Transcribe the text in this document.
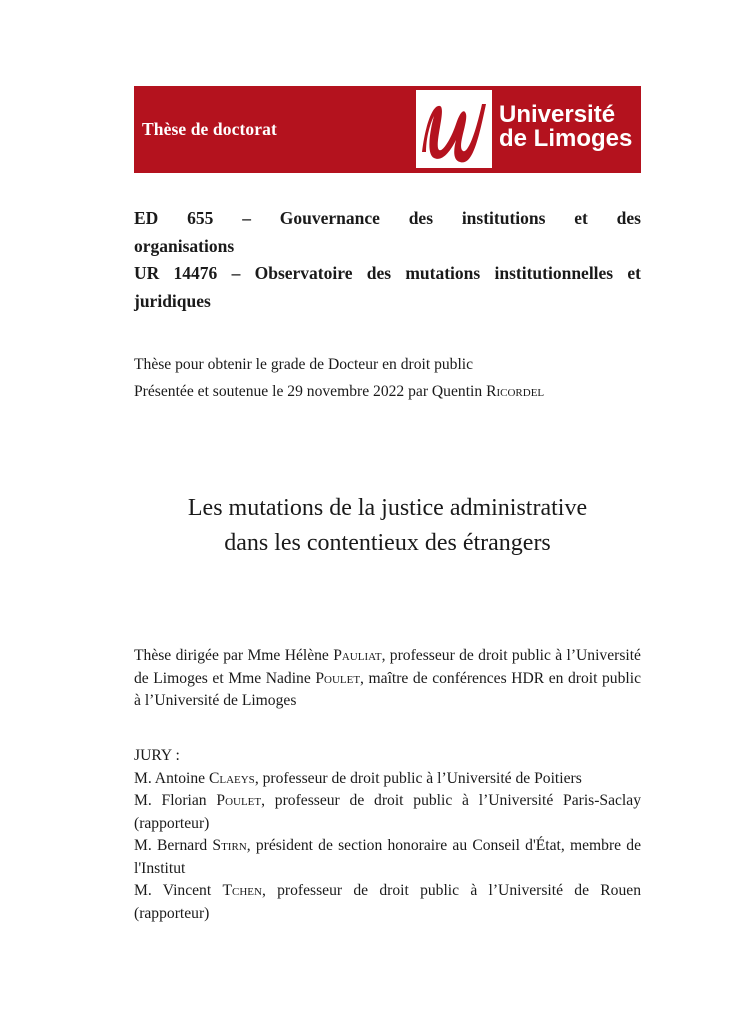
Thèse de doctorat
Université
de Limoges

ED 655 – Gouvernance des institutions et des

organisations

UR 14476 – Observatoire des mutations institutionnelles et

juridiques

Thèse pour obtenir le grade de Docteur en droit public

Présentée et soutenue le 29 novembre 2022 par Quentin Ricordel

Les mutations de la justice administrative
dans les contentieux des étrangers

Thèse dirigée par Mme Hélène Pauliat, professeur de droit public à l’Université de Limoges et Mme Nadine Poulet, maître de conférences HDR en droit public à l’Université de Limoges

JURY :

M. Antoine Claeys, professeur de droit public à l’Université de Poitiers

M. Florian Poulet, professeur de droit public à l’Université Paris-Saclay (rapporteur)

M. Bernard Stirn, président de section honoraire au Conseil d'État, membre de l'Institut

M. Vincent Tchen, professeur de droit public à l’Université de Rouen (rapporteur)
